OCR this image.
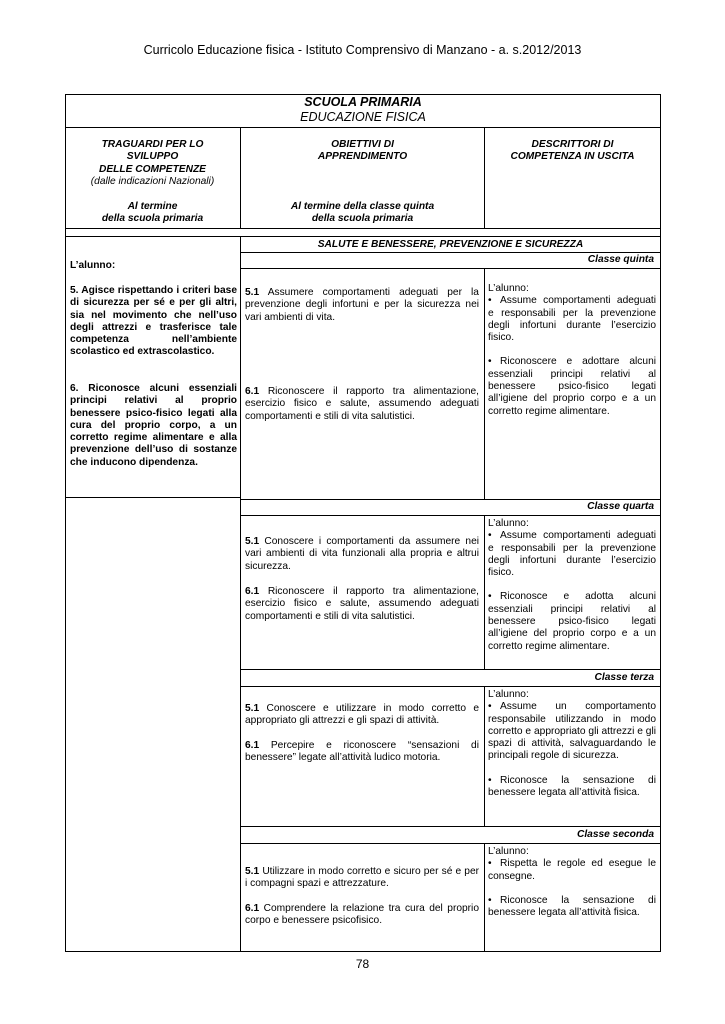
Curricolo Educazione fisica - Istituto Comprensivo di Manzano - a. s.2012/2013
SCUOLA PRIMARIA
EDUCAZIONE FISICA
TRAGUARDI PER LO
SVILUPPO
DELLE COMPETENZE
(dalle indicazioni Nazionali)
OBIETTIVI DI
APPRENDIMENTO
DESCRITTORI DI
COMPETENZA IN USCITA
Al termine
della scuola primaria
Al termine della classe quinta
della scuola primaria
SALUTE E BENESSERE, PREVENZIONE E SICUREZZA
L’alunno:
5. Agisce rispettando i criteri base di sicurezza per sé e per gli altri, sia nel movimento che nell’uso degli attrezzi e trasferisce tale competenza nell’ambiente scolastico ed extrascolastico.
6. Riconosce alcuni essenziali principi relativi al proprio benessere psico-fisico legati alla cura del proprio corpo, a un corretto regime alimentare e alla prevenzione dell’uso di sostanze che inducono dipendenza.
Classe quinta
5.1 Assumere comportamenti adeguati per la prevenzione degli infortuni e per la sicurezza nei vari ambienti di vita.
6.1 Riconoscere il rapporto tra alimentazione, esercizio fisico e salute, assumendo adeguati comportamenti e stili di vita salutistici.
L’alunno:
• Assume comportamenti adeguati e responsabili per la prevenzione degli infortuni durante l’esercizio fisico.
• Riconoscere e adottare alcuni essenziali principi relativi al benessere psico-fisico legati all’igiene del proprio corpo e a un corretto regime alimentare.
Classe quarta
5.1 Conoscere i comportamenti da assumere nei vari ambienti di vita funzionali alla propria e altrui sicurezza.
6.1 Riconoscere il rapporto tra alimentazione, esercizio fisico e salute, assumendo adeguati comportamenti e stili di vita salutistici.
L’alunno:
• Assume comportamenti adeguati e responsabili per la prevenzione degli infortuni durante l’esercizio fisico.
• Riconosce e adotta alcuni essenziali principi relativi al benessere psico-fisico legati all’igiene del proprio corpo e a un corretto regime alimentare.
Classe terza
5.1 Conoscere e utilizzare in modo corretto e appropriato gli attrezzi e gli spazi di attività.
6.1 Percepire e riconoscere “sensazioni di benessere” legate all’attività ludico motoria.
L’alunno:
• Assume un comportamento responsabile utilizzando in modo corretto e appropriato gli attrezzi e gli spazi di attività, salvaguardando le principali regole di sicurezza.
• Riconosce la sensazione di benessere legata all’attività fisica.
Classe seconda
5.1 Utilizzare in modo corretto e sicuro per sé e per i compagni spazi e attrezzature.
6.1 Comprendere la relazione tra cura del proprio corpo e benessere psicofisico.
L’alunno:
• Rispetta le regole ed esegue le consegne.
• Riconosce la sensazione di benessere legata all’attività fisica.
78
